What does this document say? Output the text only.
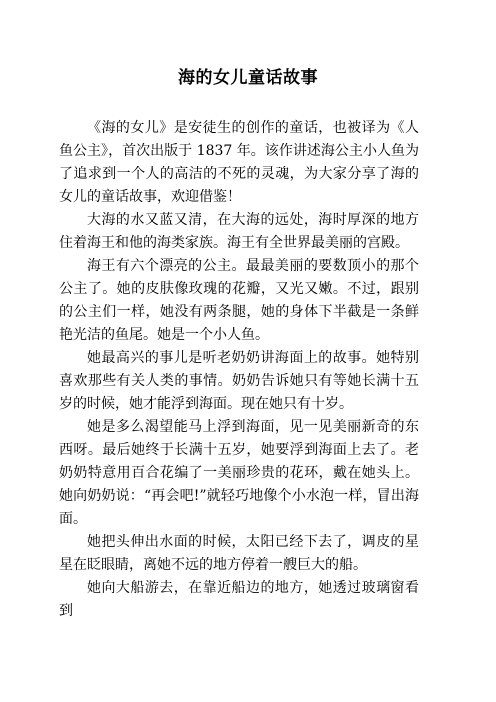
海的女儿童话故事

《海的女儿》是安徒生的创作的童话，也被译为《人鱼公主》，首次出版于 1837 年。该作讲述海公主小人鱼为了追求到一个人的高洁的不死的灵魂，为大家分享了海的女儿的童话故事，欢迎借鉴！

大海的水又蓝又清，在大海的远处，海时厚深的地方住着海王和他的海类家族。海王有全世界最美丽的宫殿。

海王有六个漂亮的公主。最最美丽的要数顶小的那个公主了。她的皮肤像玫瑰的花瓣，又光又嫩。不过，跟别的公主们一样，她没有两条腿，她的身体下半截是一条鲜艳光洁的鱼尾。她是一个小人鱼。

她最高兴的事儿是听老奶奶讲海面上的故事。她特别喜欢那些有关人类的事情。奶奶告诉她只有等她长满十五岁的时候，她才能浮到海面。现在她只有十岁。

她是多么渴望能马上浮到海面，见一见美丽新奇的东西呀。最后她终于长满十五岁，她要浮到海面上去了。老奶奶特意用百合花编了一美丽珍贵的花环，戴在她头上。她向奶奶说：“再会吧!”就轻巧地像个小水泡一样，冒出海面。

她把头伸出水面的时候，太阳已经下去了，调皮的星星在眨眼睛，离她不远的地方停着一艘巨大的船。

她向大船游去，在靠近船边的地方，她透过玻璃窗看到
